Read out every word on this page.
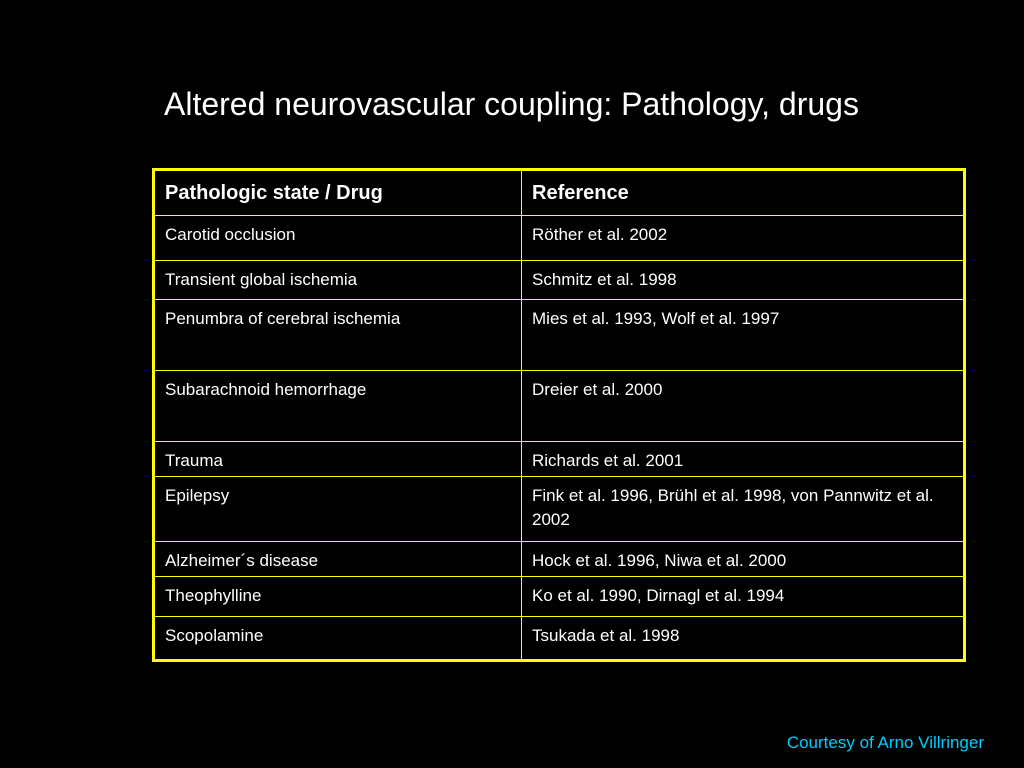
Altered neurovascular coupling: Pathology, drugs
Pathologic state / Drug	Reference
Carotid occlusion	Röther et al. 2002
Transient global ischemia	Schmitz et al. 1998
Penumbra of cerebral ischemia	Mies et al. 1993, Wolf et al. 1997
Subarachnoid hemorrhage	Dreier et al. 2000
Trauma	Richards et al. 2001
Epilepsy	Fink et al. 1996, Brühl et al. 1998, von Pannwitz et al. 2002
Alzheimer´s disease	Hock et al. 1996, Niwa et al. 2000
Theophylline	Ko et al. 1990, Dirnagl et al. 1994
Scopolamine	Tsukada et al. 1998
Courtesy of Arno Villringer
